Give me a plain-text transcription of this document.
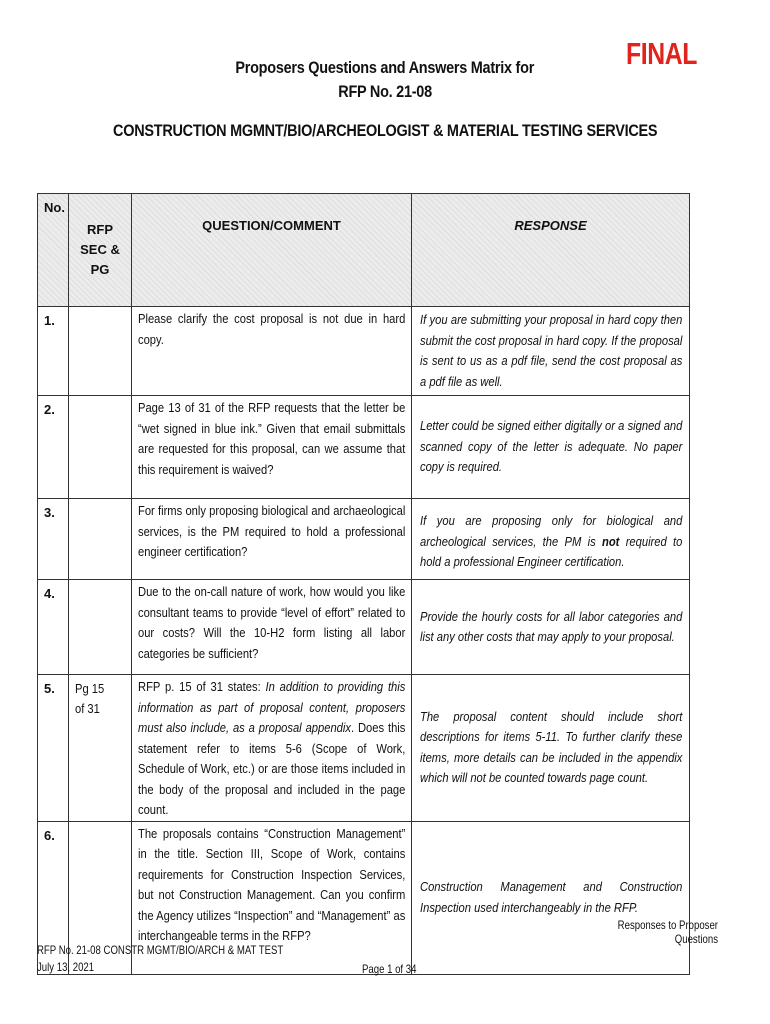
FINAL
Proposers Questions and Answers Matrix for
RFP No. 21-08
CONSTRUCTION MGMNT/BIO/ARCHEOLOGIST & MATERIAL TESTING SERVICES
No.	RFP SEC & PG	QUESTION/COMMENT	RESPONSE
1.		Please clarify the cost proposal is not due in hard copy.	If you are submitting your proposal in hard copy then submit the cost proposal in hard copy. If the proposal is sent to us as a pdf file, send the cost proposal as a pdf file as well.

2.		Page 13 of 31 of the RFP requests that the letter be “wet signed in blue ink.” Given that email submittals are requested for this proposal, can we assume that this requirement is waived?	Letter could be signed either digitally or a signed and scanned copy of the letter is adequate. No paper copy is required.

3.		For firms only proposing biological and archaeological services, is the PM required to hold a professional engineer certification?	If you are proposing only for biological and archeological services, the PM is not required to hold a professional Engineer certification.

4.		Due to the on-call nature of work, how would you like consultant teams to provide “level of effort” related to our costs? Will the 10-H2 form listing all labor categories be sufficient?	Provide the hourly costs for all labor categories and list any other costs that may apply to your proposal.

5.	Pg 15 of 31	RFP p. 15 of 31 states: In addition to providing this information as part of proposal content, proposers must also include, as a proposal appendix. Does this statement refer to items 5-6 (Scope of Work, Schedule of Work, etc.) or are those items included in the body of the proposal and included in the page count.	The proposal content should include short descriptions for items 5-11. To further clarify these items, more details can be included in the appendix which will not be counted towards page count.

6.		The proposals contains “Construction Management” in the title. Section III, Scope of Work, contains requirements for Construction Inspection Services, but not Construction Management. Can you confirm the Agency utilizes “Inspection” and “Management” as interchangeable terms in the RFP?	Construction Management and Construction Inspection used interchangeably in the RFP.
Responses to Proposer Questions
RFP No. 21-08 CONSTR MGMT/BIO/ARCH & MAT TEST
July 13, 2021	Page 1 of 34
